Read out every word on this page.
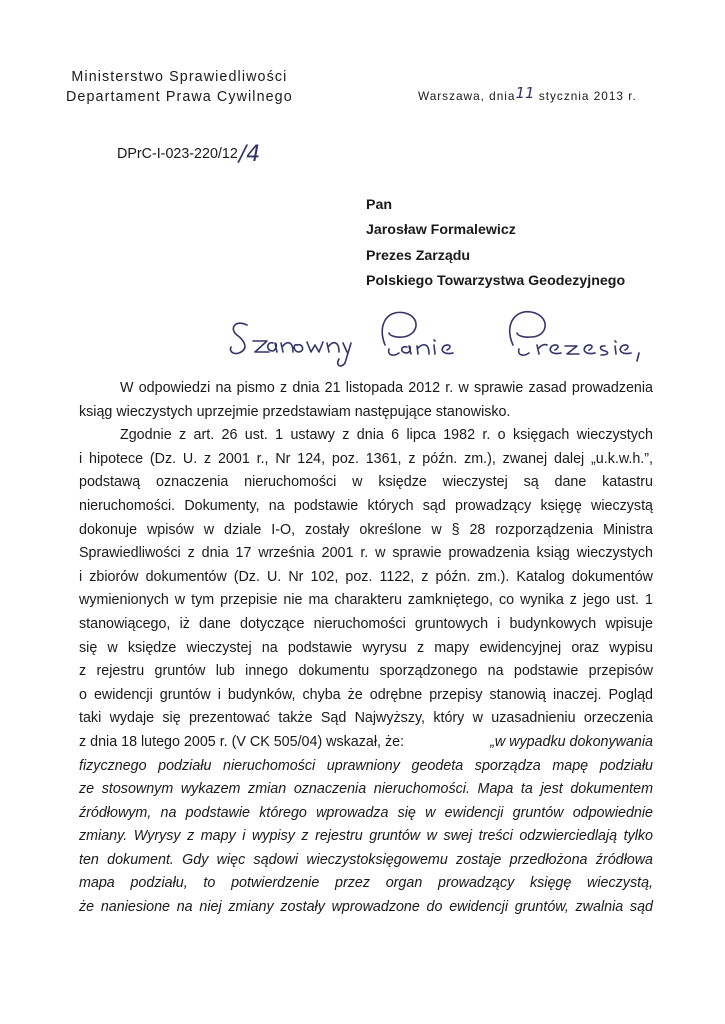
Ministerstwo Sprawiedliwości
Departament Prawa Cywilnego	Warszawa, dnia11 stycznia 2013 r.
DPrC-I-023-220/12/4
Pan
Jarosław Formalewicz
Prezes Zarządu
Polskiego Towarzystwa Geodezyjnego
Szanowny Panie Prezesie,
W odpowiedzi na pismo z dnia 21 listopada 2012 r. w sprawie zasad prowadzenia
ksiąg wieczystych uprzejmie przedstawiam następujące stanowisko.
Zgodnie z art. 26 ust. 1 ustawy z dnia 6 lipca 1982 r. o księgach wieczystych
i hipotece (Dz. U. z 2001 r., Nr 124, poz. 1361, z późn. zm.), zwanej dalej „u.k.w.h.”,
podstawą oznaczenia nieruchomości w księdze wieczystej są dane katastru
nieruchomości. Dokumenty, na podstawie których sąd prowadzący księgę wieczystą
dokonuje wpisów w dziale I-O, zostały określone w § 28 rozporządzenia Ministra
Sprawiedliwości z dnia 17 września 2001 r. w sprawie prowadzenia ksiąg wieczystych
i zbiorów dokumentów (Dz. U. Nr 102, poz. 1122, z późn. zm.). Katalog dokumentów
wymienionych w tym przepisie nie ma charakteru zamkniętego, co wynika z jego ust. 1
stanowiącego, iż dane dotyczące nieruchomości gruntowych i budynkowych wpisuje
się w księdze wieczystej na podstawie wyrysu z mapy ewidencyjnej oraz wypisu
z rejestru gruntów lub innego dokumentu sporządzonego na podstawie przepisów
o ewidencji gruntów i budynków, chyba że odrębne przepisy stanowią inaczej. Pogląd
taki wydaje się prezentować także Sąd Najwyższy, który w uzasadnieniu orzeczenia
z dnia 18 lutego 2005 r. (V CK 505/04) wskazał, że:	„w wypadku dokonywania
fizycznego podziału nieruchomości uprawniony geodeta sporządza mapę podziału
ze stosownym wykazem zmian oznaczenia nieruchomości. Mapa ta jest dokumentem
źródłowym, na podstawie którego wprowadza się w ewidencji gruntów odpowiednie
zmiany. Wyrysy z mapy i wypisy z rejestru gruntów w swej treści odzwierciedlają tylko
ten dokument. Gdy więc sądowi wieczystoksięgowemu zostaje przedłożona źródłowa
mapa podziału, to potwierdzenie przez organ prowadzący księgę wieczystą,
że naniesione na niej zmiany zostały wprowadzone do ewidencji gruntów, zwalnia sąd
